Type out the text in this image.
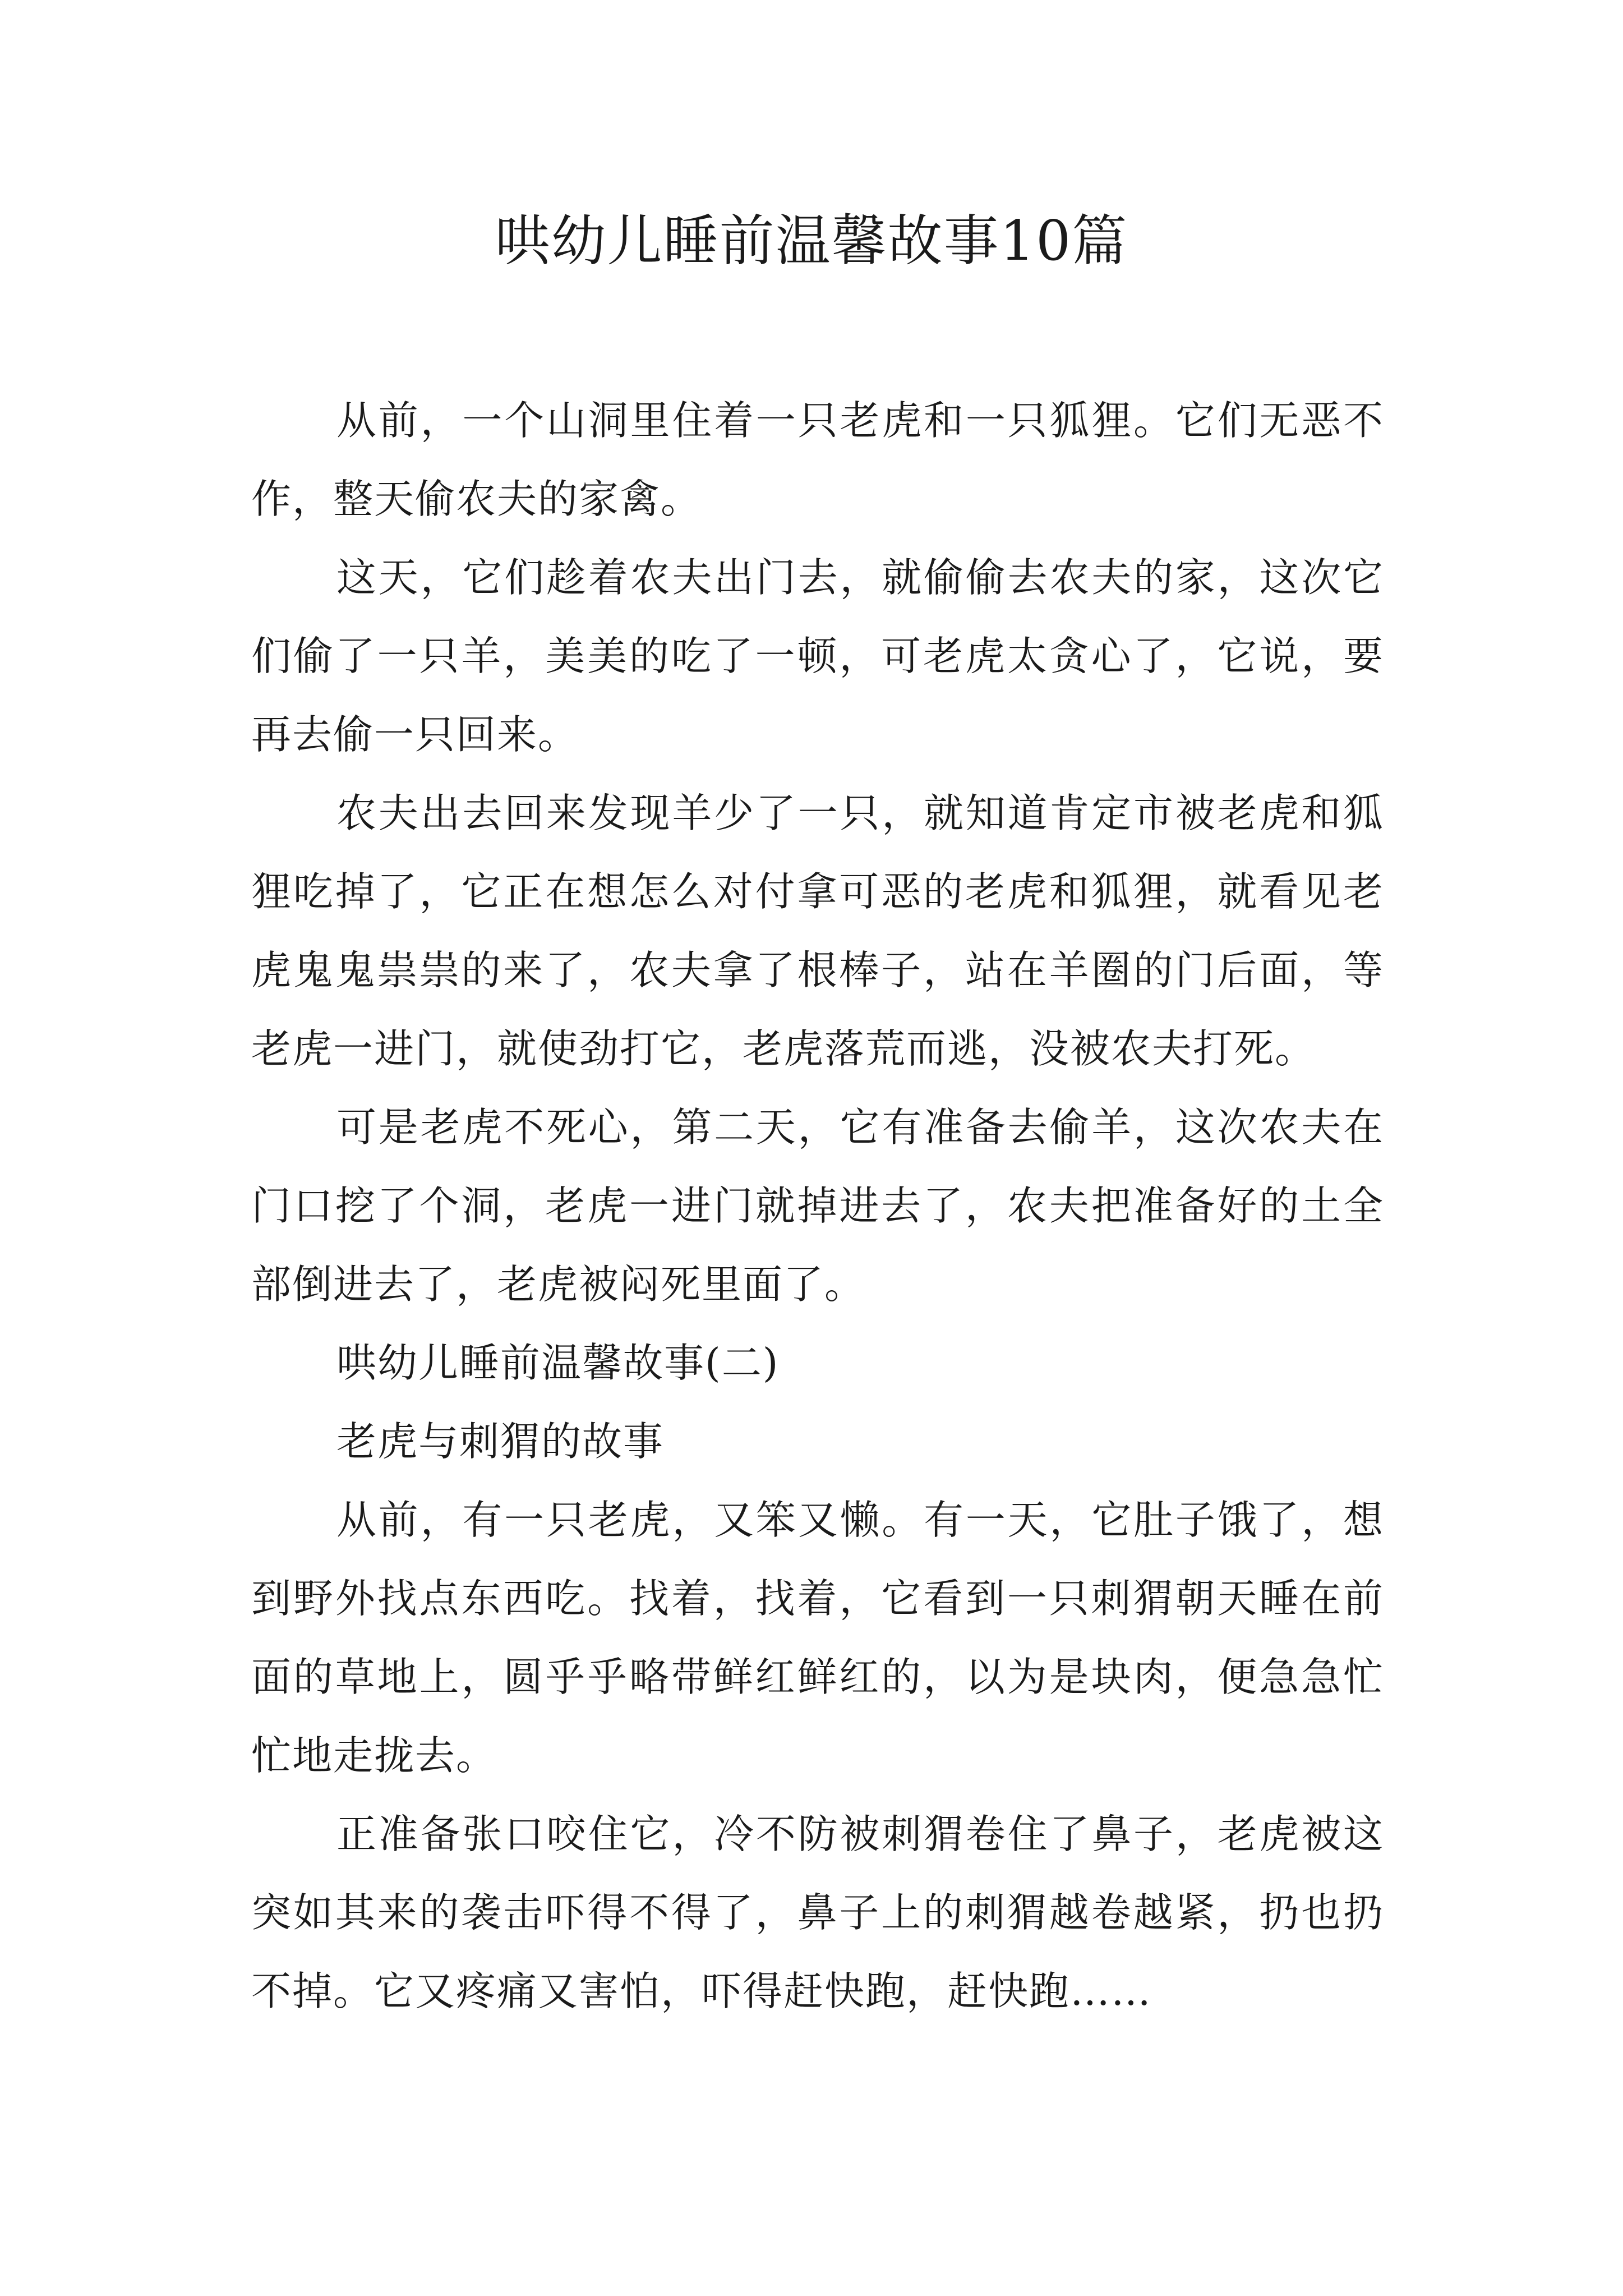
哄幼儿睡前温馨故事10篇

从前，一个山洞里住着一只老虎和一只狐狸。它们无恶不作，整天偷农夫的家禽。

这天，它们趁着农夫出门去，就偷偷去农夫的家，这次它们偷了一只羊，美美的吃了一顿，可老虎太贪心了，它说，要再去偷一只回来。

农夫出去回来发现羊少了一只，就知道肯定市被老虎和狐狸吃掉了，它正在想怎么对付拿可恶的老虎和狐狸，就看见老虎鬼鬼祟祟的来了，农夫拿了根棒子，站在羊圈的门后面，等老虎一进门，就使劲打它，老虎落荒而逃，没被农夫打死。

可是老虎不死心，第二天，它有准备去偷羊，这次农夫在门口挖了个洞，老虎一进门就掉进去了，农夫把准备好的土全部倒进去了，老虎被闷死里面了。

哄幼儿睡前温馨故事(二)

老虎与刺猬的故事

从前，有一只老虎，又笨又懒。有一天，它肚子饿了，想到野外找点东西吃。找着，找着，它看到一只刺猬朝天睡在前面的草地上，圆乎乎略带鲜红鲜红的，以为是块肉，便急急忙忙地走拢去。

正准备张口咬住它，冷不防被刺猬卷住了鼻子，老虎被这突如其来的袭击吓得不得了，鼻子上的刺猬越卷越紧，扔也扔不掉。它又疼痛又害怕，吓得赶快跑，赶快跑……
